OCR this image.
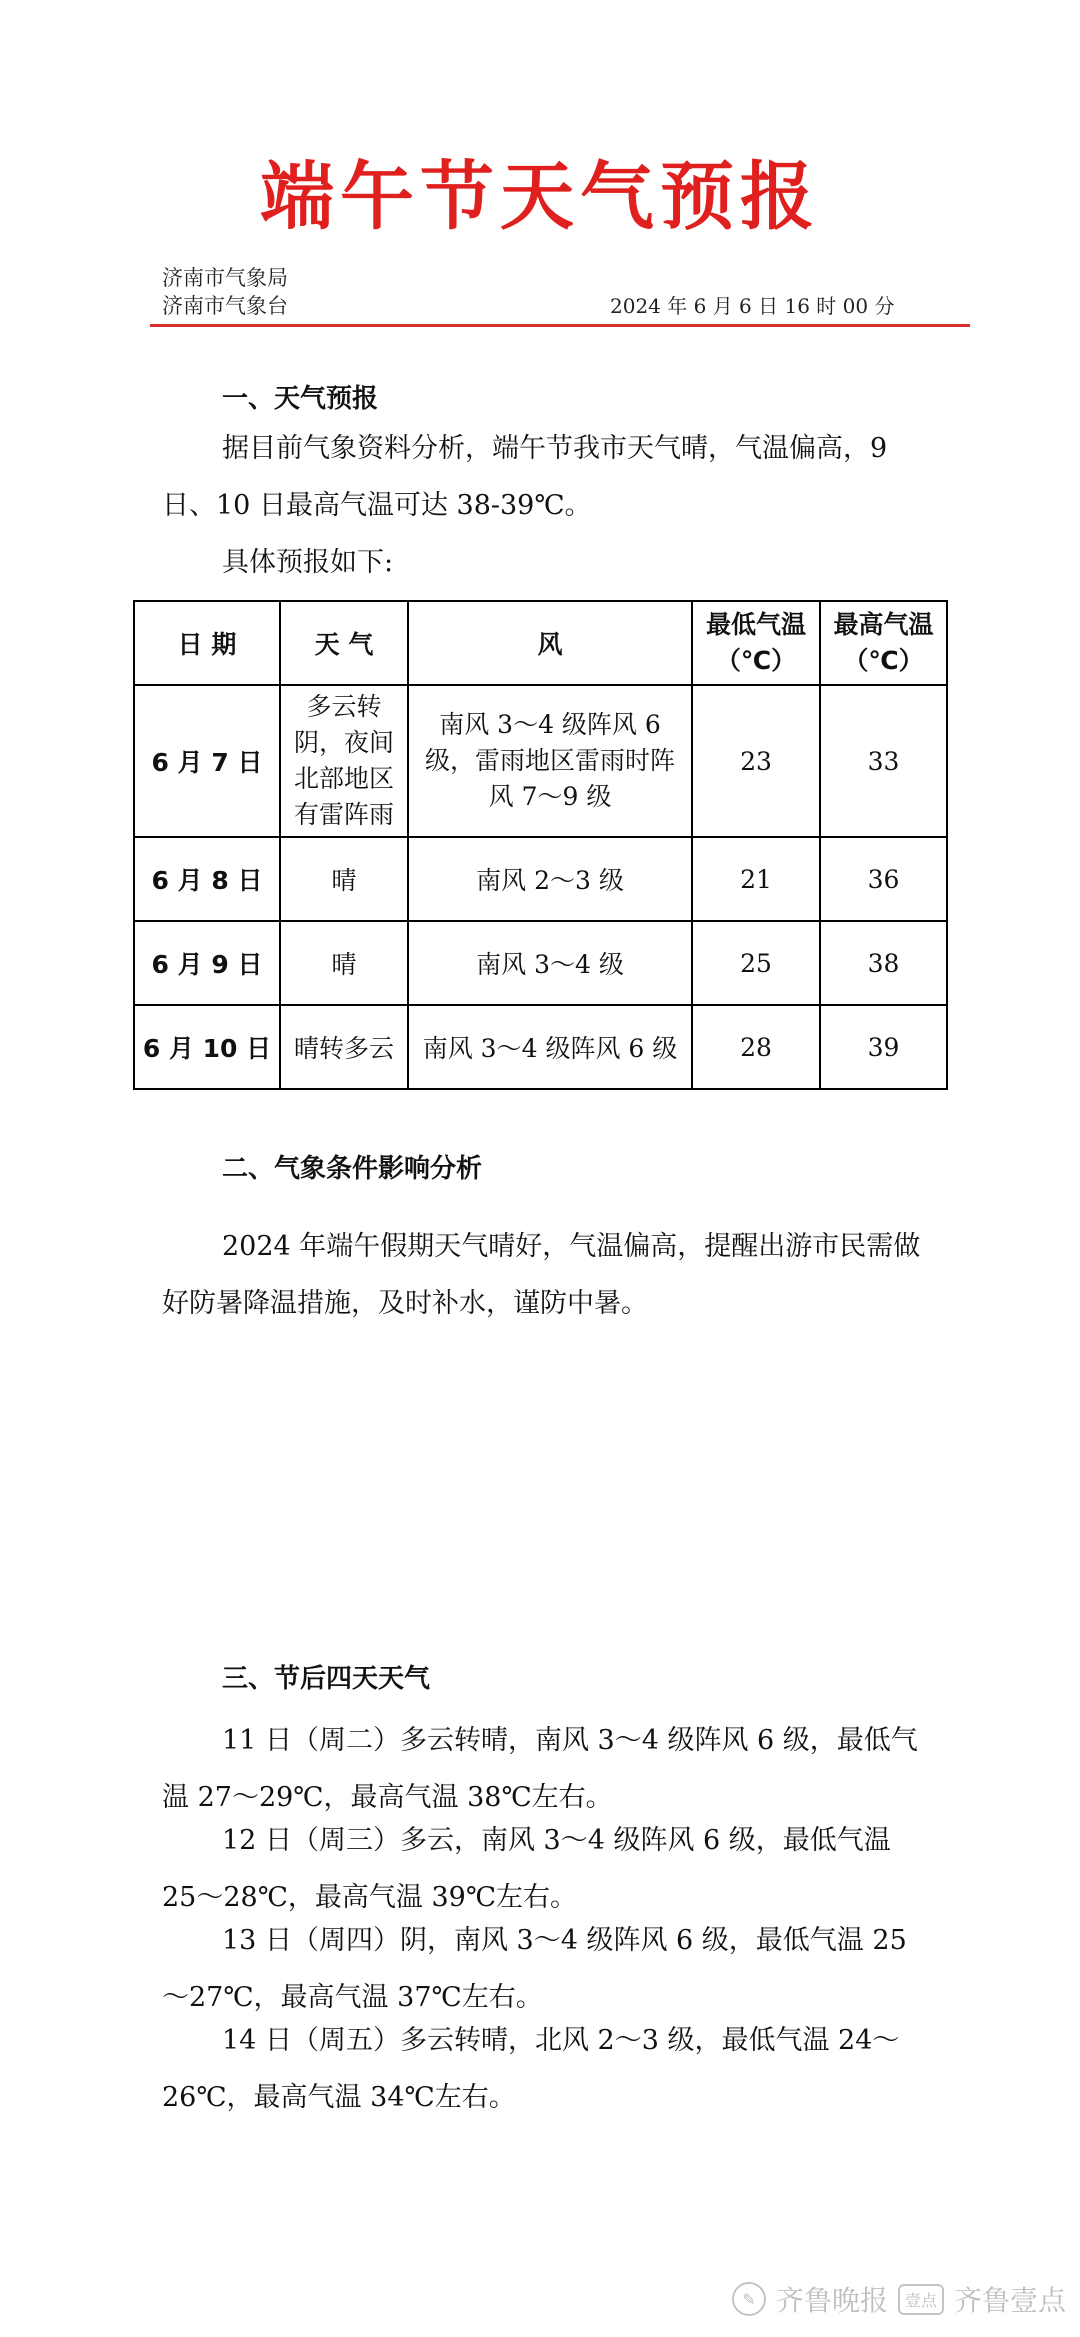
端午节天气预报
济南市气象局
济南市气象台	2024 年 6 月 6 日 16 时 00 分
一、天气预报
据目前气象资料分析，端午节我市天气晴，气温偏高，9 日、10 日最高气温可达 38-39℃。
具体预报如下:
日 期	天 气	风	最低气温（℃）	最高气温（℃）
6 月 7 日	多云转阴，夜间北部地区有雷阵雨	南风 3～4 级阵风 6 级，雷雨地区雷雨时阵风 7～9 级	23	33
6 月 8 日	晴	南风 2～3 级	21	36
6 月 9 日	晴	南风 3～4 级	25	38
6 月 10 日	晴转多云	南风 3～4 级阵风 6 级	28	39
二、气象条件影响分析
2024 年端午假期天气晴好，气温偏高，提醒出游市民需做好防暑降温措施，及时补水，谨防中暑。
三、节后四天天气
11 日（周二）多云转晴，南风 3～4 级阵风 6 级，最低气温 27～29℃，最高气温 38℃左右。
12 日（周三）多云，南风 3～4 级阵风 6 级，最低气温 25～28℃，最高气温 39℃左右。
13 日（周四）阴，南风 3～4 级阵风 6 级，最低气温 25～27℃，最高气温 37℃左右。
14 日（周五）多云转晴，北风 2～3 级，最低气温 24～26℃，最高气温 34℃左右。
✎ 齐鲁晚报	壹点 齐鲁壹点
